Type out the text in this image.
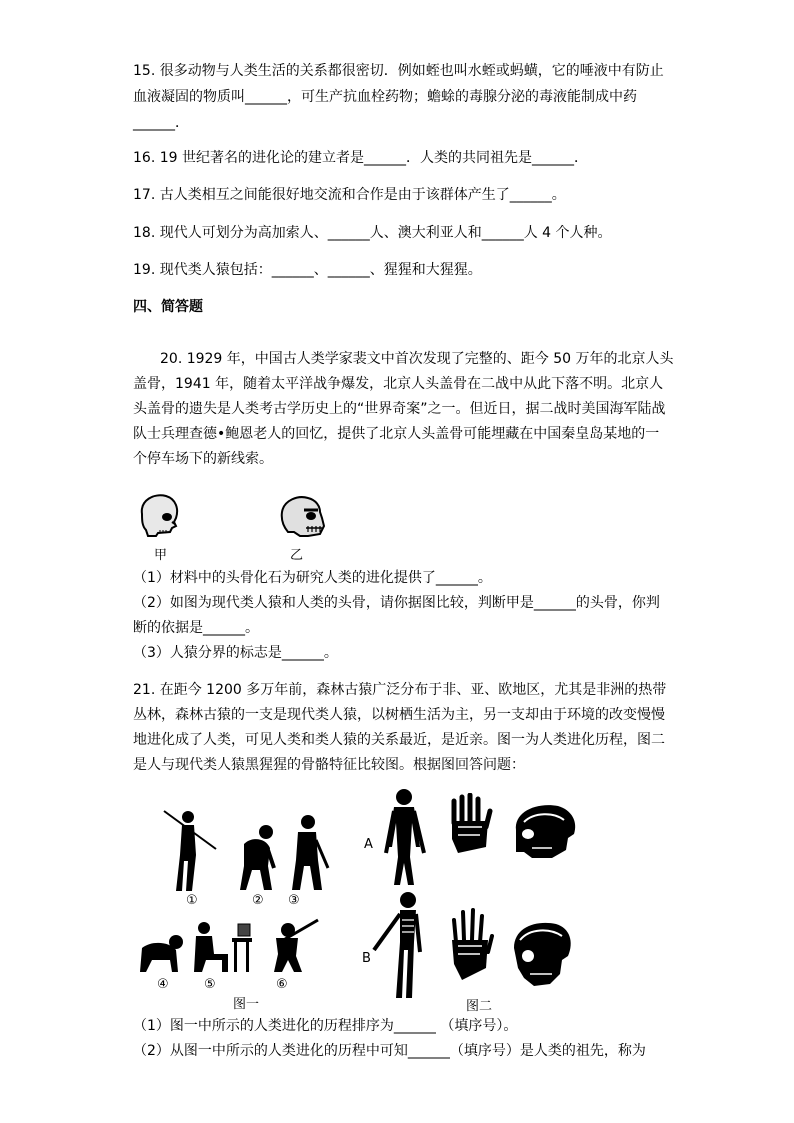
15. 很多动物与人类生活的关系都很密切．例如蛭也叫水蛭或蚂蟥，它的唾液中有防止
血液凝固的物质叫______，可生产抗血栓药物；蟾蜍的毒腺分泌的毒液能制成中药
______．
16. 19 世纪著名的进化论的建立者是______．人类的共同祖先是______．
17. 古人类相互之间能很好地交流和合作是由于该群体产生了______。
18. 现代人可划分为高加索人、______人、澳大利亚人和______人 4 个人种。
19. 现代类人猿包括：______、______、猩猩和大猩猩。
四、简答题
20. 1929 年，中国古人类学家裴文中首次发现了完整的、距今 50 万年的北京人头
盖骨，1941 年，随着太平洋战争爆发，北京人头盖骨在二战中从此下落不明。北京人
头盖骨的遗失是人类考古学历史上的“世界奇案”之一。但近日，据二战时美国海军陆战
队士兵理查德•鲍恩老人的回忆，提供了北京人头盖骨可能埋藏在中国秦皇岛某地的一
个停车场下的新线索。
甲	乙
（1）材料中的头骨化石为研究人类的进化提供了______。
（2）如图为现代类人猿和人类的头骨，请你据图比较，判断甲是______的头骨，你判
断的依据是______。
（3）人猿分界的标志是______。
21. 在距今 1200 多万年前，森林古猿广泛分布于非、亚、欧地区，尤其是非洲的热带
丛林，森林古猿的一支是现代类人猿，以树栖生活为主，另一支却由于环境的改变慢慢
地进化成了人类，可见人类和类人猿的关系最近，是近亲。图一为人类进化历程，图二
是人与现代类人猿黑猩猩的骨骼特征比较图。根据图回答问题：
①	② ③
④	⑤	⑥
图一
A
B
图二
（1）图一中所示的人类进化的历程排序为______ （填序号）。
（2）从图一中所示的人类进化的历程中可知______（填序号）是人类的祖先，称为
